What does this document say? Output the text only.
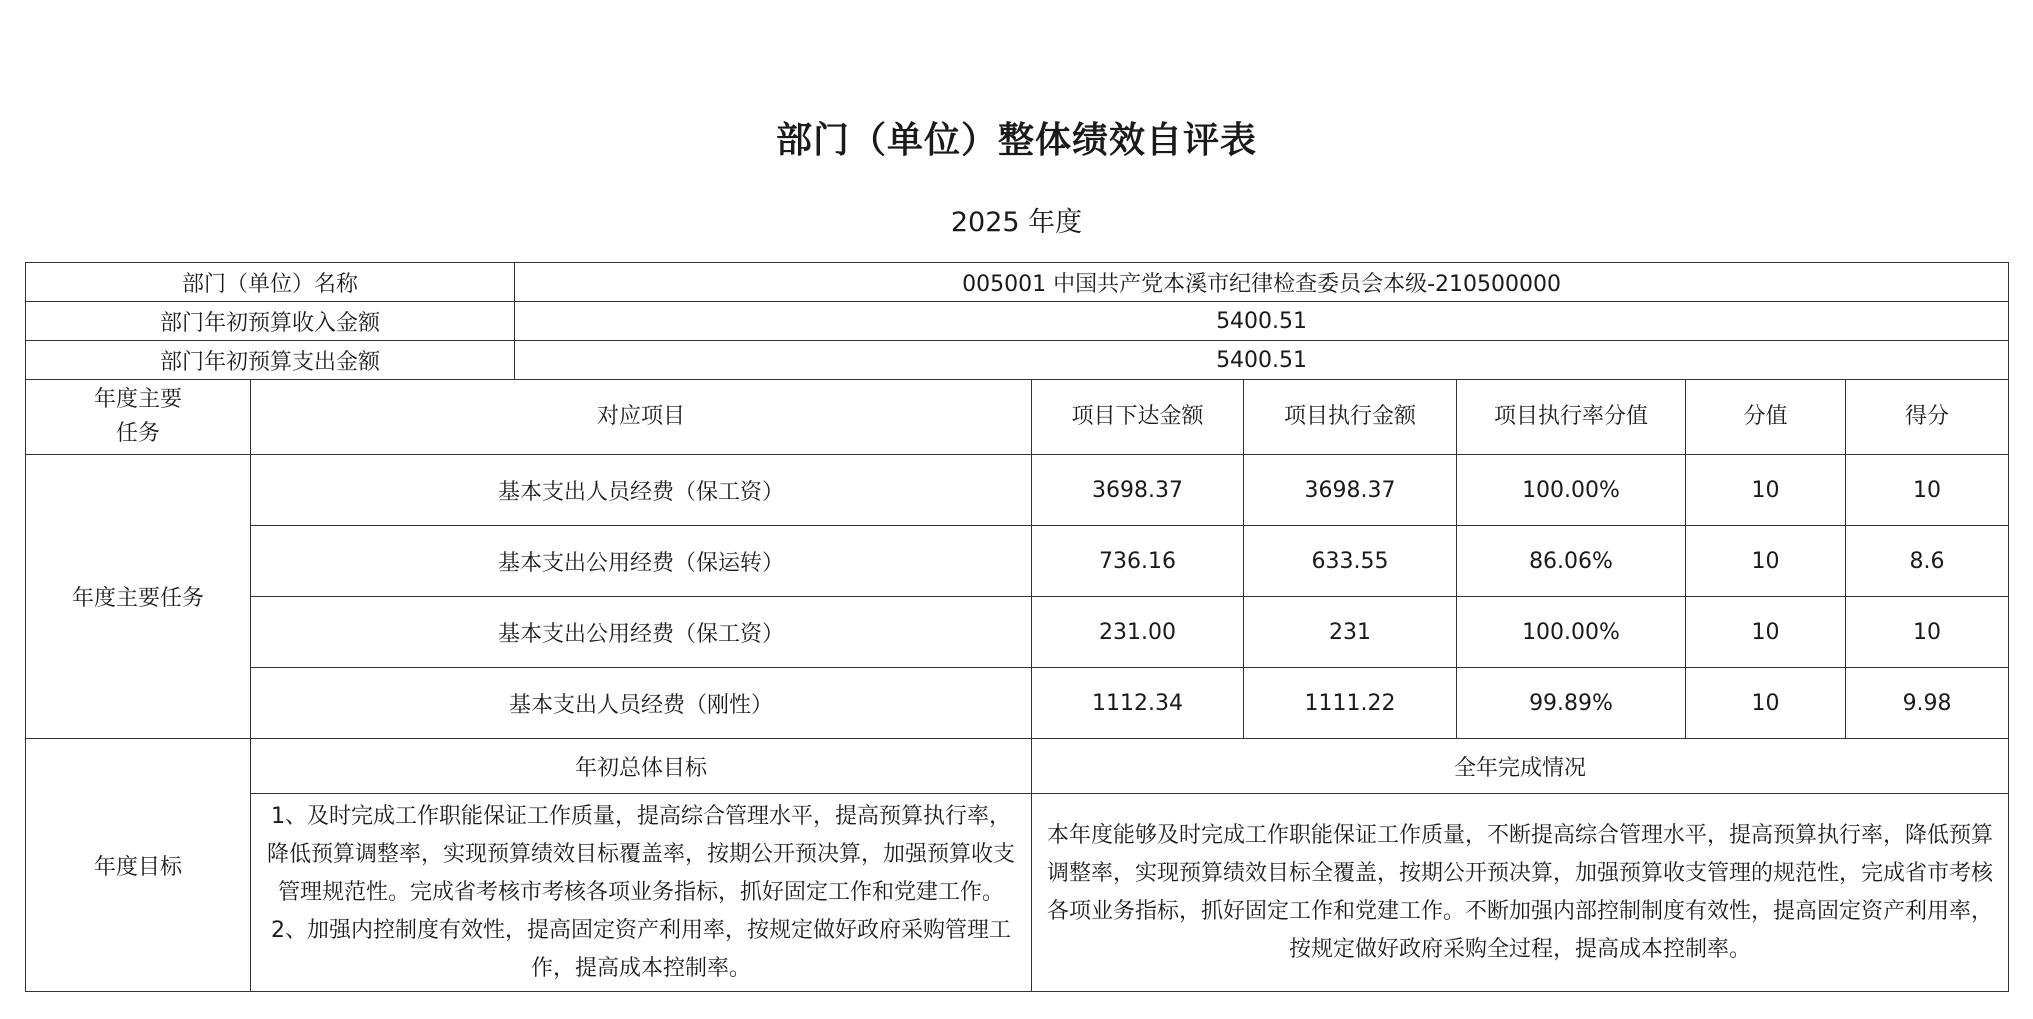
部门（单位）整体绩效自评表
2025 年度
部门（单位）名称		005001 中国共产党本溪市纪律检查委员会本级-210500000					
部门年初预算收入金额		5400.51					
部门年初预算支出金额		5400.51					
年度主要
任务	对应项目		项目下达金额	项目执行金额	项目执行率分值	分值	得分
年度主要任务	基本支出人员经费（保工资）		3698.37	3698.37	100.00%	10	10
	基本支出公用经费（保运转）		736.16	633.55	86.06%	10	8.6
	基本支出公用经费（保工资）		231.00	231	100.00%	10	10
	基本支出人员经费（刚性）		1112.34	1111.22	99.89%	10	9.98
年度目标	年初总体目标		全年完成情况				

	1、及时完成工作职能保证工作质量，提高综合管理水平，提高预算执行率，降低预算调整率，实现预算绩效目标覆盖率，按期公开预决算，加强预算收支管理规范性。完成省考核市考核各项业务指标，抓好固定工作和党建工作。2、加强内控制度有效性，提高固定资产利用率，按规定做好政府采购管理工作，提高成本控制率。		本年度能够及时完成工作职能保证工作质量，不断提高综合管理水平，提高预算执行率，降低预算调整率，实现预算绩效目标全覆盖，按期公开预决算，加强预算收支管理的规范性，完成省市考核各项业务指标，抓好固定工作和党建工作。不断加强内部控制制度有效性，提高固定资产利用率，按规定做好政府采购全过程，提高成本控制率。				
